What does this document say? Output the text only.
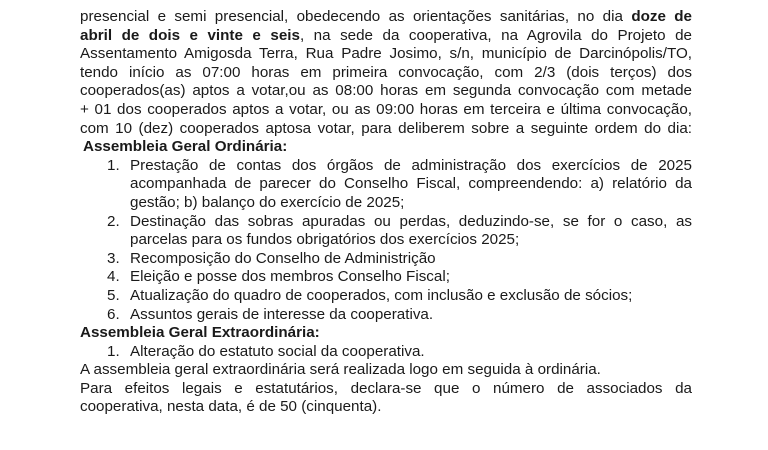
presencial e semi presencial, obedecendo as orientações sanitárias, no dia doze de
abril de dois e vinte e seis, na sede da cooperativa, na Agrovila do Projeto de
Assentamento Amigosda Terra, Rua Padre Josimo, s/n, município de Darcinópolis/TO,
tendo início as 07:00 horas em primeira convocação, com 2/3 (dois terços) dos
cooperados(as) aptos a votar,ou as 08:00 horas em segunda convocação com metade
+ 01 dos cooperados aptos a votar, ou as 09:00 horas em terceira e última convocação,
com 10 (dez) cooperados aptosa votar, para deliberem sobre a seguinte ordem do dia:
Assembleia Geral Ordinária:
1. Prestação de contas dos órgãos de administração dos exercícios de 2025
acompanhada de parecer do Conselho Fiscal, compreendendo: a) relatório da
gestão; b) balanço do exercício de 2025;
2. Destinação das sobras apuradas ou perdas, deduzindo-se, se for o caso, as
parcelas para os fundos obrigatórios dos exercícios 2025;
3. Recomposição do Conselho de Administrição
4. Eleição e posse dos membros Conselho Fiscal;
5. Atualização do quadro de cooperados, com inclusão e exclusão de sócios;
6. Assuntos gerais de interesse da cooperativa.
Assembleia Geral Extraordinária:
1. Alteração do estatuto social da cooperativa.
A assembleia geral extraordinária será realizada logo em seguida à ordinária.
Para efeitos legais e estatutários, declara-se que o número de associados da
cooperativa, nesta data, é de 50 (cinquenta).
